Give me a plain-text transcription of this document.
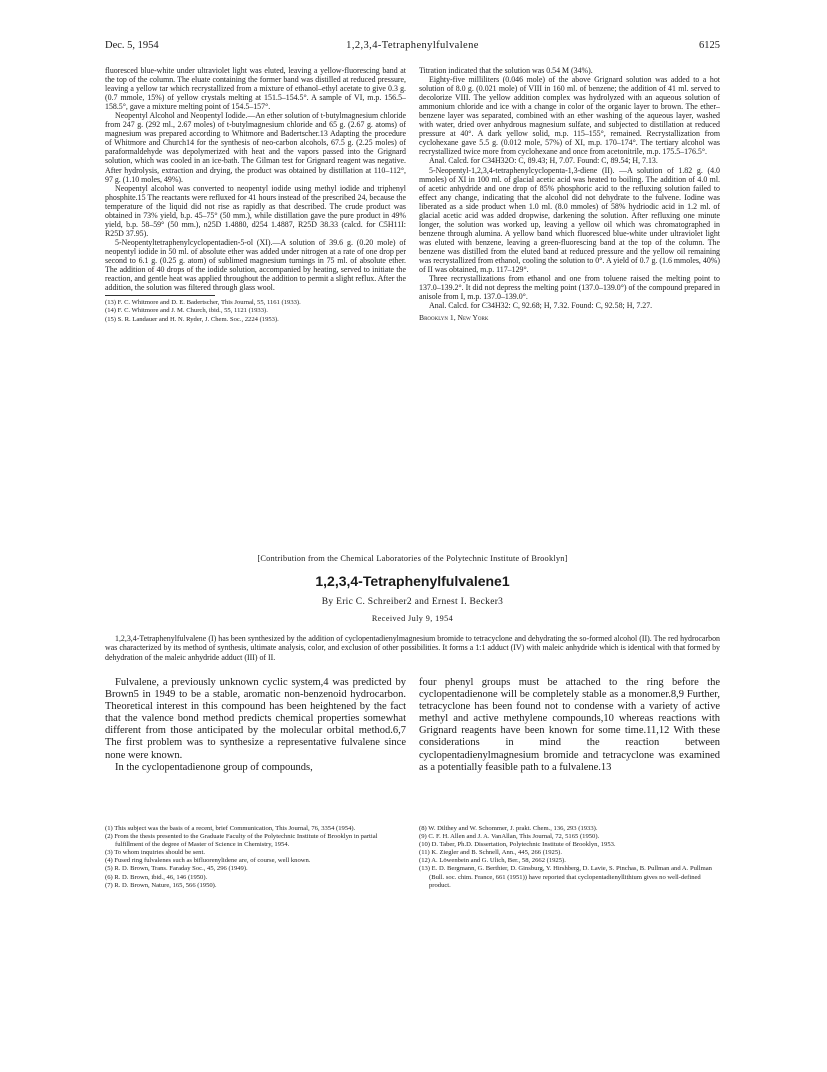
Dec. 5, 1954	1,2,3,4-Tetraphenylfulvalene	6125

fluoresced blue-white under ultraviolet light was eluted, leaving a yellow-fluorescing band at the top of the column. The eluate containing the former band was distilled at reduced pressure, leaving a yellow tar which recrystallized from a mixture of ethanol–ethyl acetate to give 0.3 g. (0.7 mmole, 15%) of yellow crystals melting at 151.5–154.5°. A sample of VI, m.p. 156.5–158.5°, gave a mixture melting point of 154.5–157°.

Neopentyl Alcohol and Neopentyl Iodide.—An ether solution of t-butylmagnesium chloride from 247 g. (292 ml., 2.67 moles) of t-butylmagnesium chloride and 65 g. (2.67 g. atoms) of magnesium was prepared according to Whitmore and Badertscher.13 Adapting the procedure of Whitmore and Church14 for the synthesis of neo-carbon alcohols, 67.5 g. (2.25 moles) of paraformaldehyde was depolymerized with heat and the vapors passed into the Grignard solution, which was cooled in an ice-bath. The Gilman test for Grignard reagent was negative. After hydrolysis, extraction and drying, the product was obtained by distillation at 110–112°, 97 g. (1.10 moles, 49%).

Neopentyl alcohol was converted to neopentyl iodide using methyl iodide and triphenyl phosphite.15 The reactants were refluxed for 41 hours instead of the prescribed 24, because the temperature of the liquid did not rise as rapidly as that described. The crude product was obtained in 73% yield, b.p. 45–75° (50 mm.), while distillation gave the pure product in 49% yield, b.p. 58–59° (50 mm.), n25D 1.4880, d254 1.4887, R25D 38.33 (calcd. for C5H11I: R25D 37.95).

5-Neopentyltetraphenylcyclopentadien-5-ol (XI).—A solution of 39.6 g. (0.20 mole) of neopentyl iodide in 50 ml. of absolute ether was added under nitrogen at a rate of one drop per second to 6.1 g. (0.25 g. atom) of sublimed magnesium turnings in 75 ml. of absolute ether. The addition of 40 drops of the iodide solution, accompanied by heating, served to initiate the reaction, and gentle heat was applied throughout the addition to permit a slight reflux. After the addition, the solution was filtered through glass wool.

(13) F. C. Whitmore and D. E. Badertscher, This Journal, 55, 1161 (1933).

(14) F. C. Whitmore and J. M. Church, ibid., 55, 1121 (1933).

(15) S. R. Landauer and H. N. Ryder, J. Chem. Soc., 2224 (1953).

Titration indicated that the solution was 0.54 M (34%).

Eighty-five milliliters (0.046 mole) of the above Grignard solution was added to a hot solution of 8.0 g. (0.021 mole) of VIII in 160 ml. of benzene; the addition of 41 ml. served to decolorize VIII. The yellow addition complex was hydrolyzed with an aqueous solution of ammonium chloride and ice with a change in color of the organic layer to brown. The ether–benzene layer was separated, combined with an ether washing of the aqueous layer, washed with water, dried over anhydrous magnesium sulfate, and subjected to distillation at reduced pressure at 40°. A dark yellow solid, m.p. 115–155°, remained. Recrystallization from cyclohexane gave 5.5 g. (0.012 mole, 57%) of XI, m.p. 170–174°. The tertiary alcohol was recrystallized twice more from cyclohexane and once from acetonitrile, m.p. 175.5–176.5°.

Anal. Calcd. for C34H32O: C, 89.43; H, 7.07. Found: C, 89.54; H, 7.13.

5-Neopentyl-1,2,3,4-tetraphenylcyclopenta-1,3-diene (II). —A solution of 1.82 g. (4.0 mmoles) of XI in 100 ml. of glacial acetic acid was heated to boiling. The addition of 4.0 ml. of acetic anhydride and one drop of 85% phosphoric acid to the refluxing solution failed to effect any change, indicating that the alcohol did not dehydrate to the fulvene. Iodine was liberated as a side product when 1.0 ml. (8.0 mmoles) of 58% hydriodic acid in 1.2 ml. of glacial acetic acid was added dropwise, darkening the solution. After refluxing one minute longer, the solution was worked up, leaving a yellow oil which was chromatographed in benzene through alumina. A yellow band which fluoresced blue-white under ultraviolet light was eluted with benzene, leaving a green-fluorescing band at the top of the column. The benzene was distilled from the eluted band at reduced pressure and the yellow oil remaining was recrystallized from ethanol, cooling the solution to 0°. A yield of 0.7 g. (1.6 mmoles, 40%) of II was obtained, m.p. 117–129°.

Three recrystallizations from ethanol and one from toluene raised the melting point to 137.0–139.2°. It did not depress the melting point (137.0–139.0°) of the compound prepared in anisole from I, m.p. 137.0–139.0°.

Anal. Calcd. for C34H32: C, 92.68; H, 7.32. Found: C, 92.58; H, 7.27.

Brooklyn 1, New York

[Contribution from the Chemical Laboratories of the Polytechnic Institute of Brooklyn]
1,2,3,4-Tetraphenylfulvalene1
By Eric C. Schreiber2 and Ernest I. Becker3
Received July 9, 1954

1,2,3,4-Tetraphenylfulvalene (I) has been synthesized by the addition of cyclopentadienylmagnesium bromide to tetracyclone and dehydrating the so-formed alcohol (II). The red hydrocarbon was characterized by its method of synthesis, ultimate analysis, color, and exclusion of other possibilities. It forms a 1:1 adduct (IV) with maleic anhydride which is identical with that formed by dehydration of the maleic anhydride adduct (III) of II.

Fulvalene, a previously unknown cyclic system,4 was predicted by Brown5 in 1949 to be a stable, aromatic non-benzenoid hydrocarbon. Theoretical interest in this compound has been heightened by the fact that the valence bond method predicts chemical properties somewhat different from those anticipated by the molecular orbital method.6,7 The first problem was to synthesize a representative fulvalene since none were known.

In the cyclopentadienone group of compounds,

four phenyl groups must be attached to the ring before the cyclopentadienone will be completely stable as a monomer.8,9 Further, tetracyclone has been found not to condense with a variety of active methyl and active methylene compounds,10 whereas reactions with Grignard reagents have been known for some time.11,12 With these considerations in mind the reaction between cyclopentadienylmagnesium bromide and tetracyclone was examined as a potentially feasible path to a fulvalene.13

(1) This subject was the basis of a recent, brief Communication, This Journal, 76, 3354 (1954).

(2) From the thesis presented to the Graduate Faculty of the Polytechnic Institute of Brooklyn in partial fulfillment of the degree of Master of Science in Chemistry, 1954.

(3) To whom inquiries should be sent.

(4) Fused ring fulvalenes such as bifluorenylidene are, of course, well known.

(5) R. D. Brown, Trans. Faraday Soc., 45, 296 (1949).

(6) R. D. Brown, ibid., 46, 146 (1950).

(7) R. D. Brown, Nature, 165, 566 (1950).

(8) W. Dilthey and W. Schommer, J. prakt. Chem., 136, 293 (1933).

(9) C. F. H. Allen and J. A. VanAllan, This Journal, 72, 5165 (1950).

(10) D. Taber, Ph.D. Dissertation, Polytechnic Institute of Brooklyn, 1953.

(11) K. Ziegler and B. Schnell, Ann., 445, 266 (1925).

(12) A. Löwenbein and G. Ulich, Ber., 58, 2662 (1925).

(13) E. D. Bergmann, G. Berthier, D. Ginsburg, Y. Hirshberg, D. Lavie, S. Pinchas, B. Pullman and A. Pullman (Bull. soc. chim. France, 661 (1951)) have reported that cyclopentadienyllithium gives no well-defined product.
